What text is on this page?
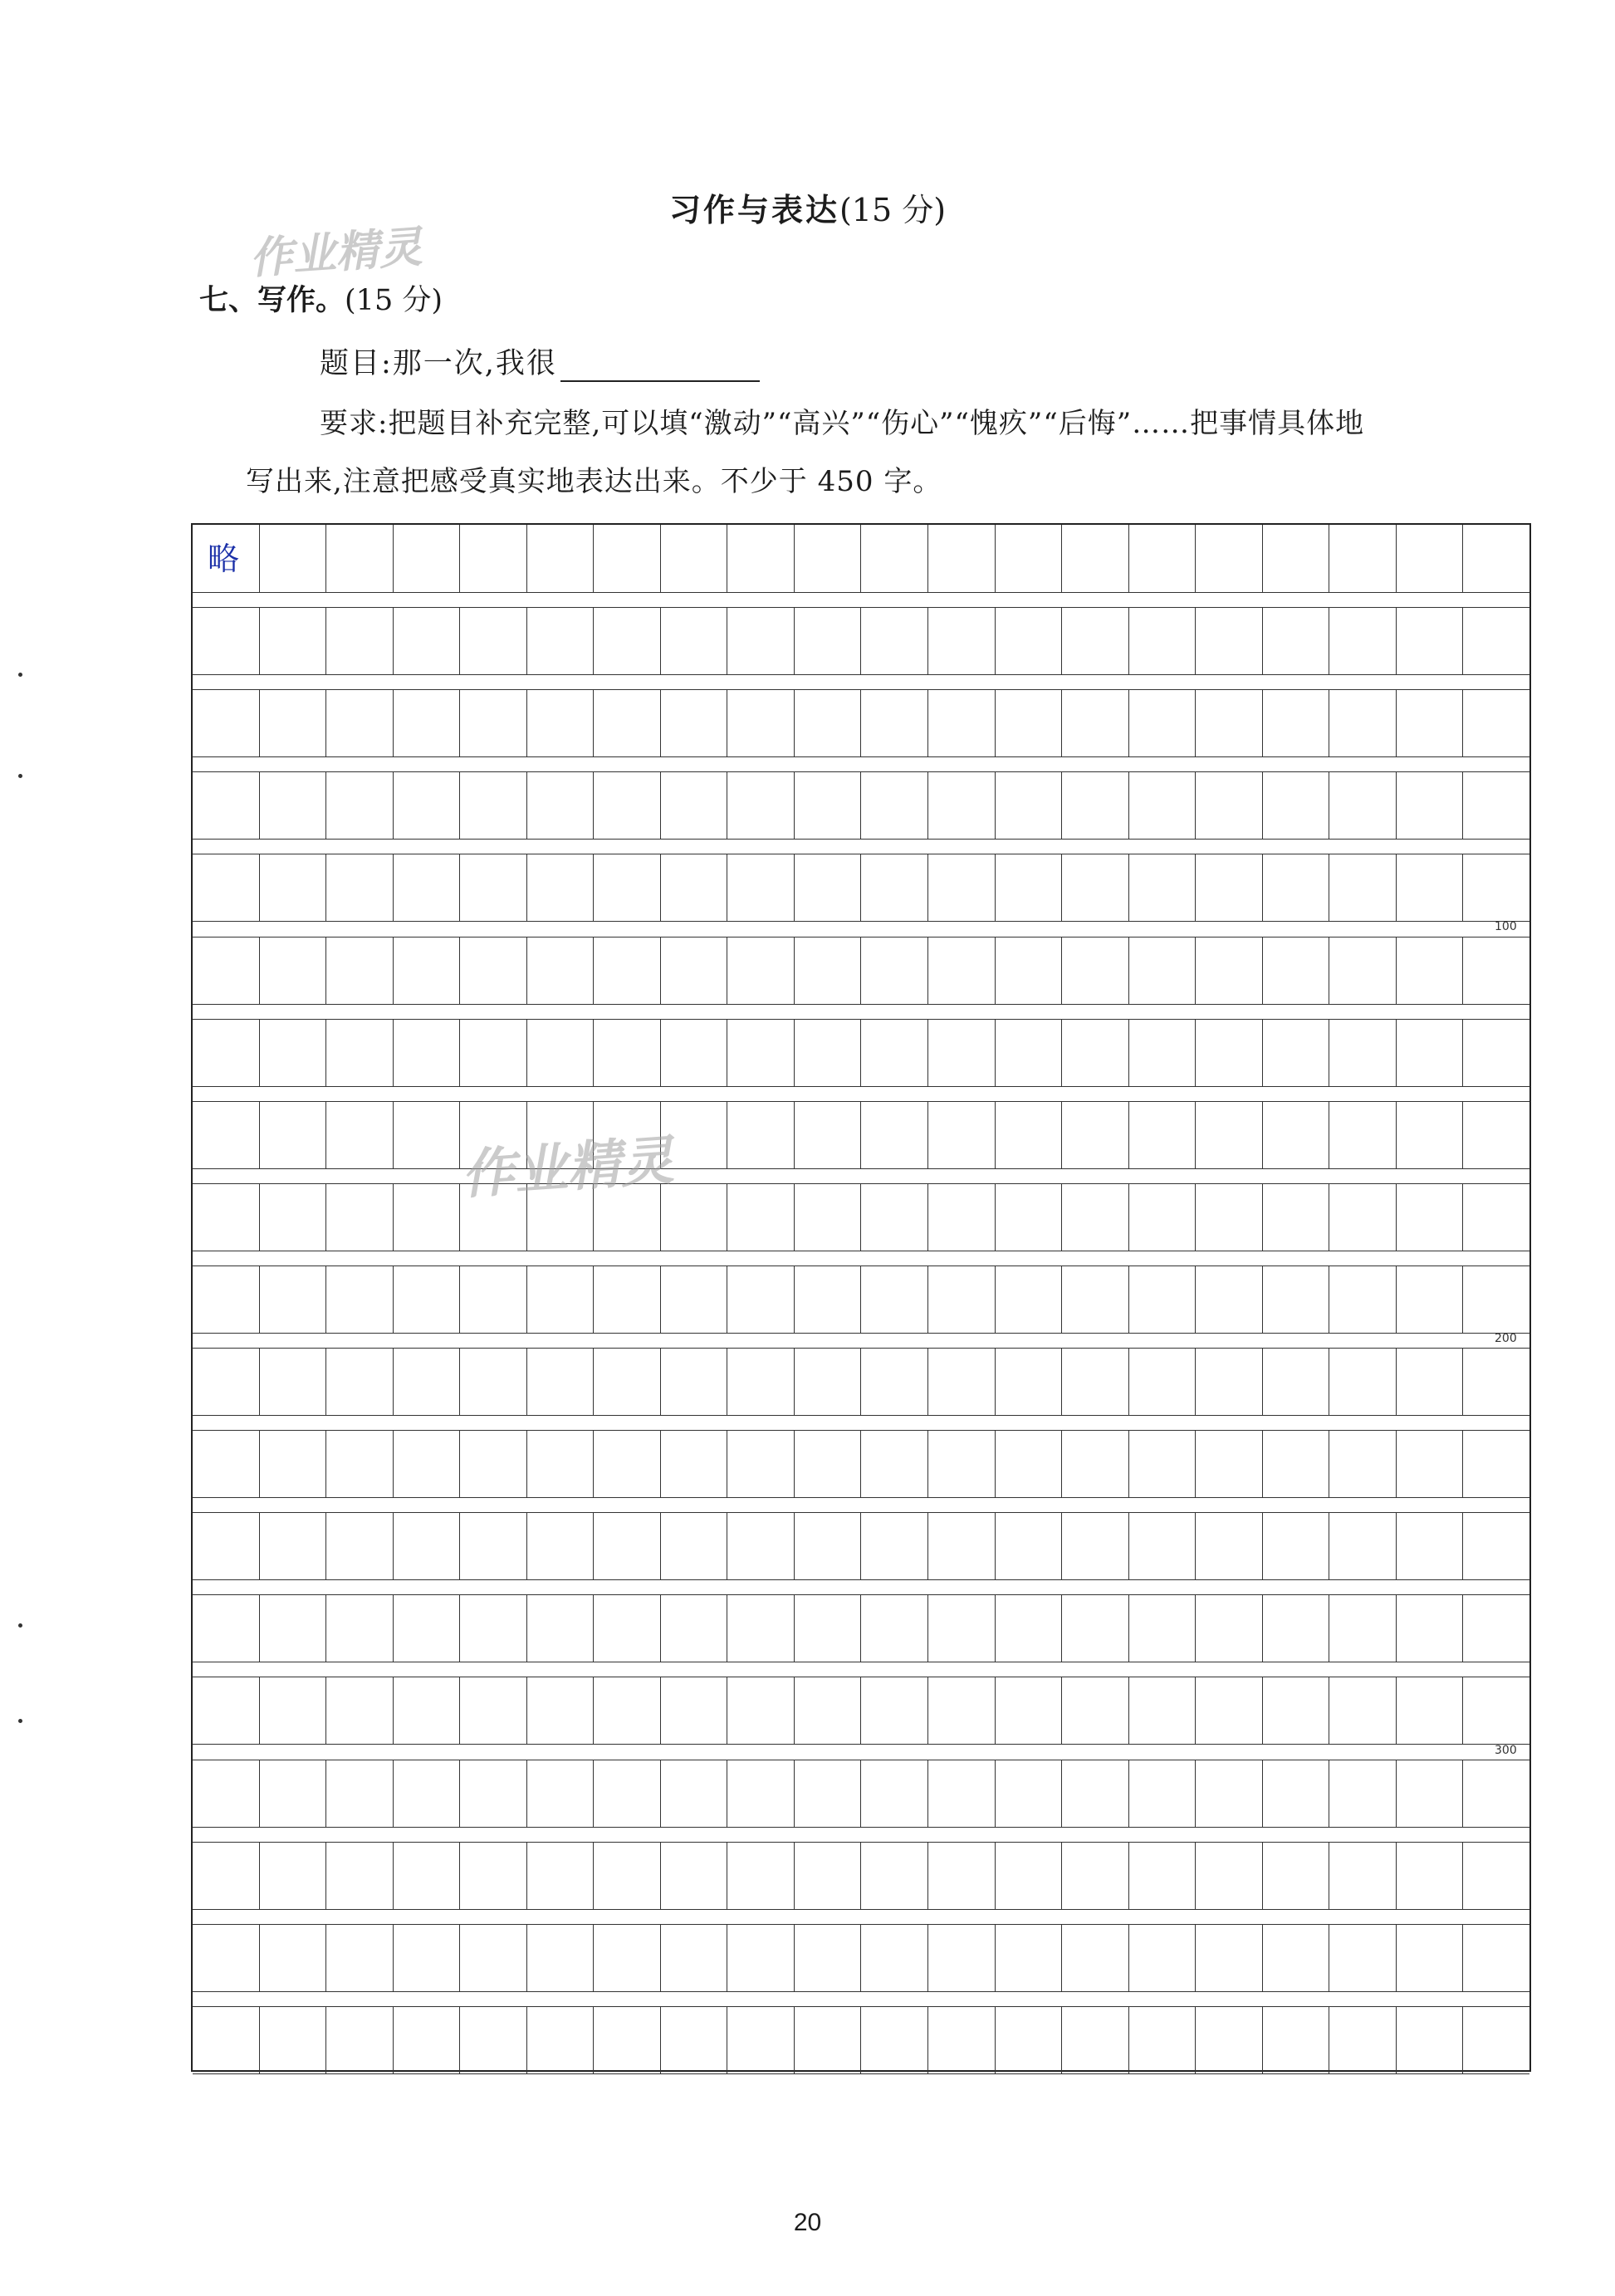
习作与表达(15 分)
作业精灵
七、写作。(15 分)
题目:那一次,我很
要求:把题目补充完整,可以填“激动”“高兴”“伤心”“愧疚”“后悔”……把事情具体地
写出来,注意把感受真实地表达出来。不少于 450 字。
略
100
200
300
作业精灵
20
